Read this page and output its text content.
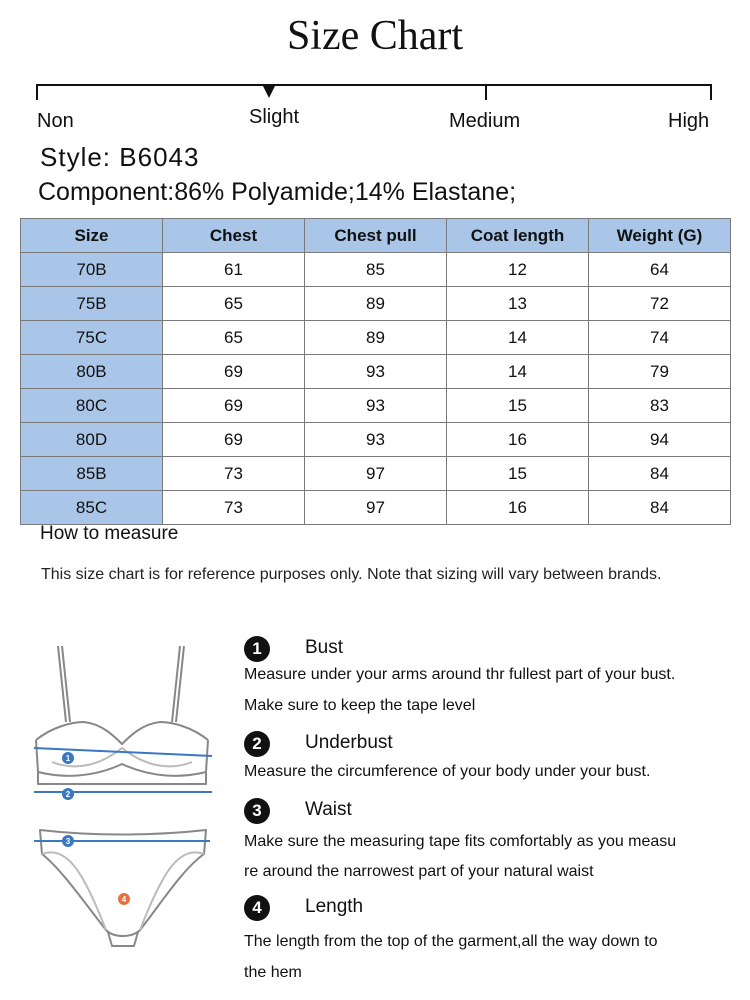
Size Chart
Non	Slight	Medium	High
Style: B6043
Component:86% Polyamide;14% Elastane;
Size	Chest	Chest pull	Coat length	Weight (G)
70B	61	85	12	64
75B	65	89	13	72
75C	65	89	14	74
80B	69	93	14	79
80C	69	93	15	83
80D	69	93	16	94
85B	73	97	15	84
85C	73	97	16	84
How to measure
This size chart is for reference purposes only. Note that sizing will vary between brands.
1
2
3
4
1	Bust
Measure under your arms around thr fullest part of your bust.
Make sure to keep the tape level
2	Underbust
Measure the circumference of your body under your bust.
3	Waist
Make sure the measuring tape fits comfortably as you measu
re around the narrowest part of your natural waist
4	Length
The length from the top of the garment,all the way down to
the hem
